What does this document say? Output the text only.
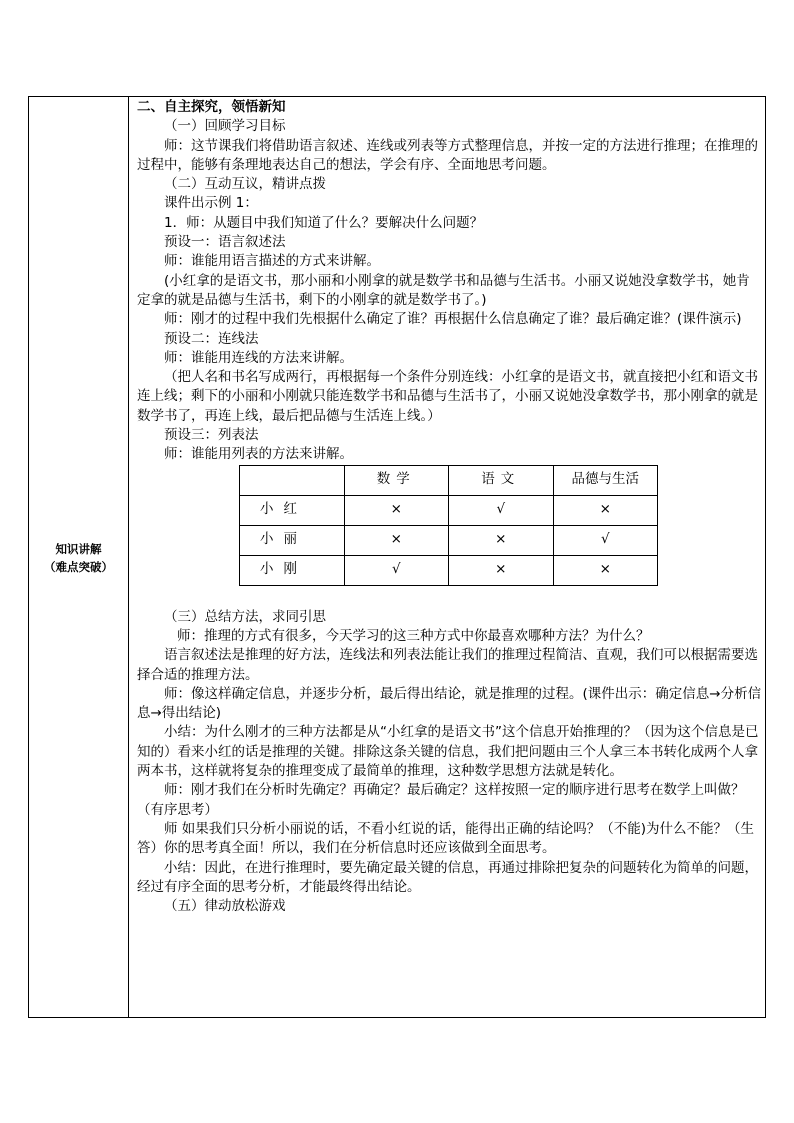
知识讲解
（难点突破）

二、自主探究，领悟新知

（一）回顾学习目标

师：这节课我们将借助语言叙述、连线或列表等方式整理信息，并按一定的方法进行推理；在推理的过程中，能够有条理地表达自己的想法，学会有序、全面地思考问题。

（二）互动互议，精讲点拨

课件出示例 1：

1．师：从题目中我们知道了什么？要解决什么问题？

预设一：语言叙述法

师：谁能用语言描述的方式来讲解。

(小红拿的是语文书，那小丽和小刚拿的就是数学书和品德与生活书。小丽又说她没拿数学书，她肯定拿的就是品德与生活书，剩下的小刚拿的就是数学书了。)

师：刚才的过程中我们先根据什么确定了谁？再根据什么信息确定了谁？最后确定谁？(课件演示)

预设二：连线法

师：谁能用连线的方法来讲解。

（把人名和书名写成两行，再根据每一个条件分别连线：小红拿的是语文书，就直接把小红和语文书连上线；剩下的小丽和小刚就只能连数学书和品德与生活书了，小丽又说她没拿数学书，那小刚拿的就是数学书了，再连上线，最后把品德与生活连上线。）

预设三：列表法

师：谁能用列表的方法来讲解。

	数学	语文	品德与生活
小红	×	√	×
小丽	×	×	√
小刚	√	×	×

（三）总结方法，求同引思

师：推理的方式有很多，今天学习的这三种方式中你最喜欢哪种方法？为什么？

语言叙述法是推理的好方法，连线法和列表法能让我们的推理过程简洁、直观，我们可以根据需要选择合适的推理方法。

师：像这样确定信息，并逐步分析，最后得出结论，就是推理的过程。(课件出示：确定信息→分析信息→得出结论)

小结：为什么刚才的三种方法都是从“小红拿的是语文书”这个信息开始推理的？（因为这个信息是已知的）看来小红的话是推理的关键。排除这条关键的信息，我们把问题由三个人拿三本书转化成两个人拿两本书，这样就将复杂的推理变成了最简单的推理，这种数学思想方法就是转化。

师：刚才我们在分析时先确定？再确定？最后确定？这样按照一定的顺序进行思考在数学上叫做？（有序思考）

师 如果我们只分析小丽说的话，不看小红说的话，能得出正确的结论吗？（不能)为什么不能？（生答）你的思考真全面！所以，我们在分析信息时还应该做到全面思考。

小结：因此，在进行推理时，要先确定最关键的信息，再通过排除把复杂的问题转化为简单的问题，经过有序全面的思考分析，才能最终得出结论。

（五）律动放松游戏
